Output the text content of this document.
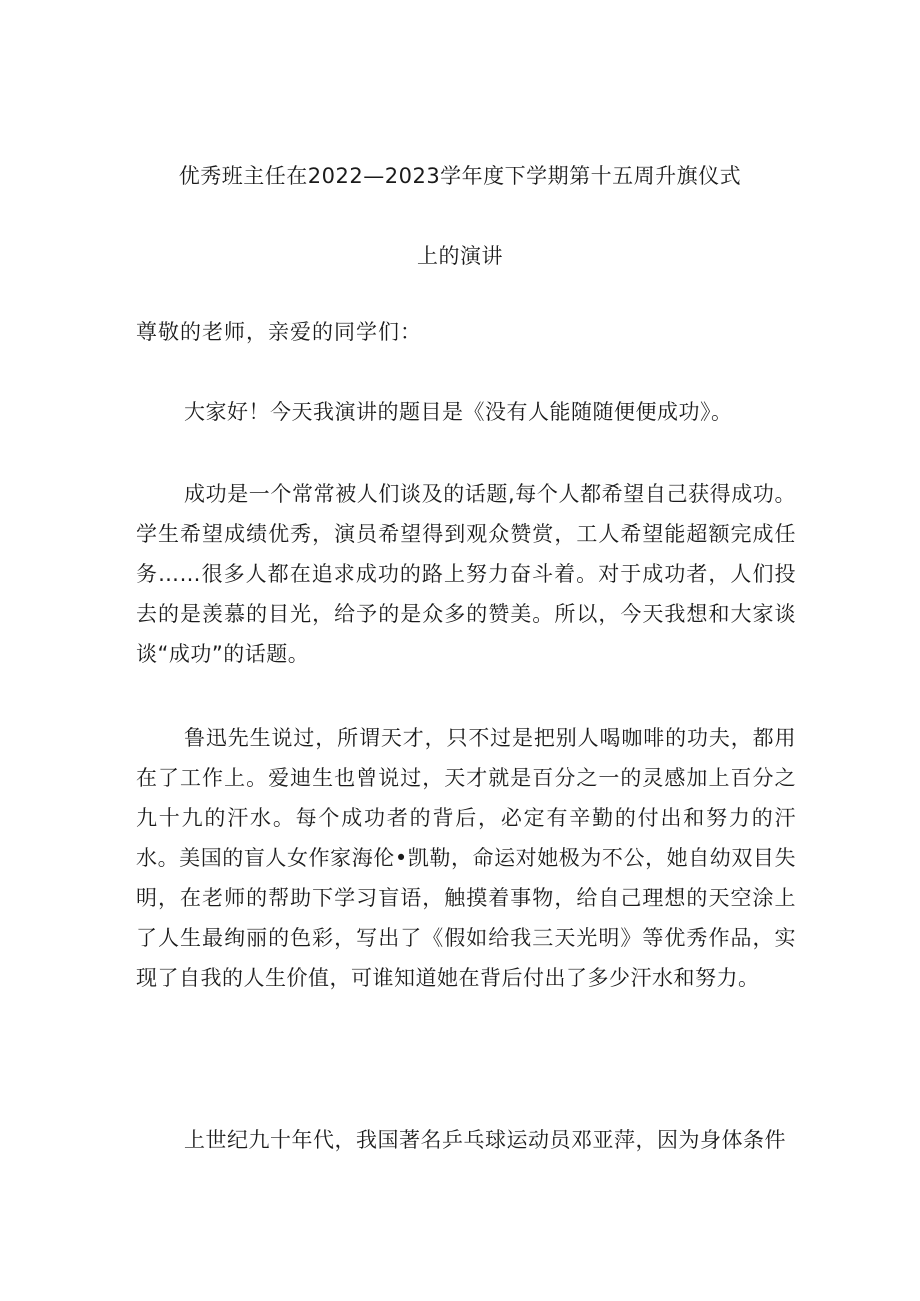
优秀班主任在2022—2023学年度下学期第十五周升旗仪式
上的演讲

尊敬的老师，亲爱的同学们：

大家好！今天我演讲的题目是《没有人能随随便便成功》。

成功是一个常常被人们谈及的话题,每个人都希望自己获得成功。学生希望成绩优秀，演员希望得到观众赞赏，工人希望能超额完成任务……很多人都在追求成功的路上努力奋斗着。对于成功者，人们投去的是羡慕的目光，给予的是众多的赞美。所以，今天我想和大家谈谈“成功”的话题。

鲁迅先生说过，所谓天才，只不过是把别人喝咖啡的功夫，都用在了工作上。爱迪生也曾说过，天才就是百分之一的灵感加上百分之九十九的汗水。每个成功者的背后，必定有辛勤的付出和努力的汗水。美国的盲人女作家海伦•凯勒，命运对她极为不公，她自幼双目失明，在老师的帮助下学习盲语，触摸着事物，给自己理想的天空涂上了人生最绚丽的色彩，写出了《假如给我三天光明》等优秀作品，实现了自我的人生价值，可谁知道她在背后付出了多少汗水和努力。

上世纪九十年代，我国著名乒乓球运动员邓亚萍，因为身体条件
